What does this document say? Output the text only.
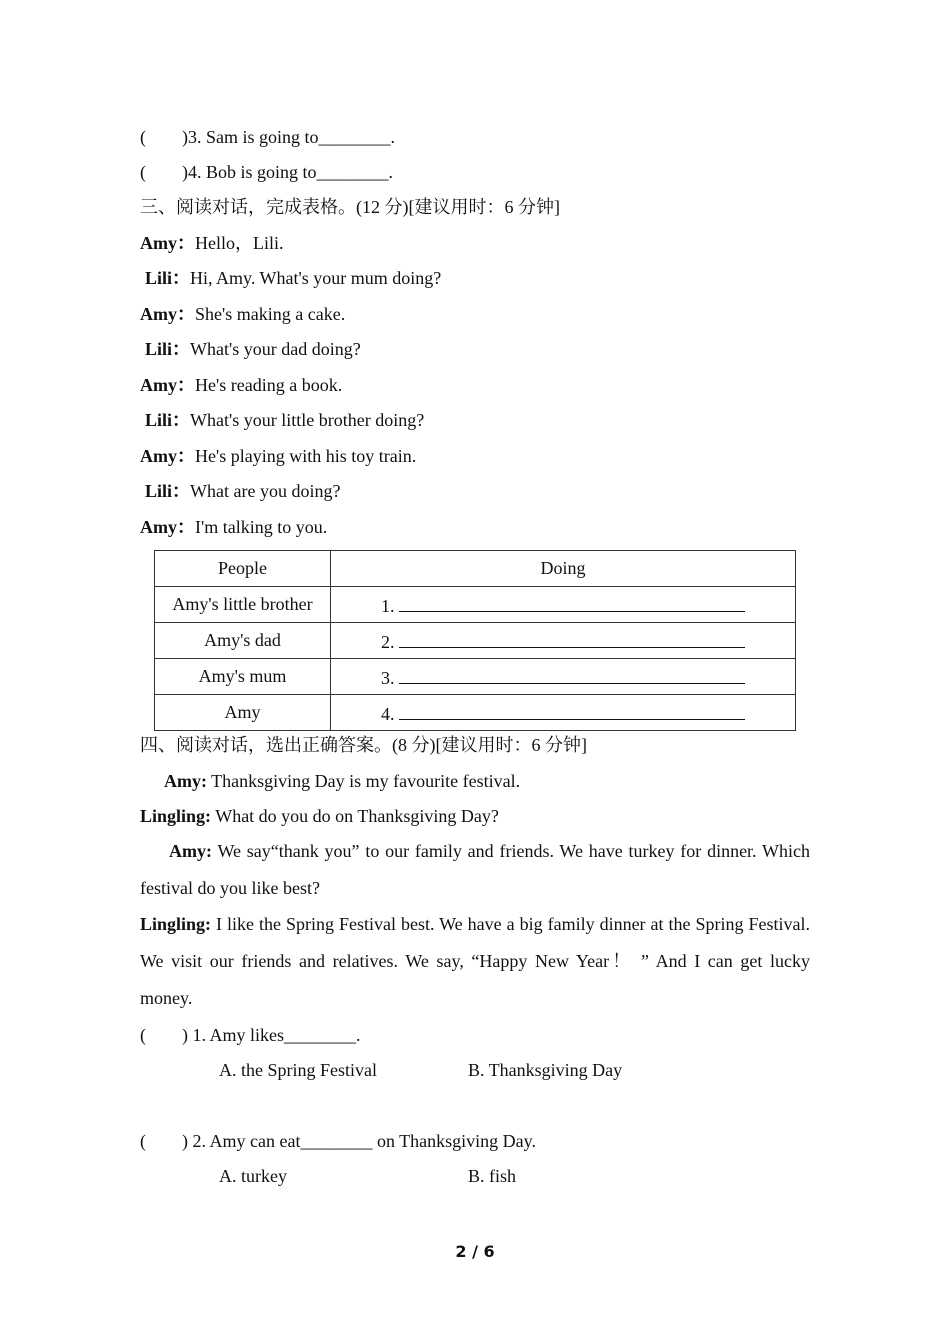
(        )3. Sam is going to________.
(        )4. Bob is going to________.
三、阅读对话，完成表格。(12 分)[建议用时：6 分钟]
Amy：Hello，Lili.
Lili：Hi, Amy. What's your mum doing?
Amy：She's making a cake.
Lili：What's your dad doing?
Amy：He's reading a book.
Lili：What's your little brother doing?
Amy：He's playing with his toy train.
Lili：What are you doing?
Amy：I'm talking to you.
People	Doing
Amy's little brother	1.
Amy's dad	2.
Amy's mum	3.
Amy	4.
四、阅读对话，选出正确答案。(8 分)[建议用时：6 分钟]
Amy: Thanksgiving Day is my favourite festival.
Lingling: What do you do on Thanksgiving Day?
Amy: We say“thank you” to our family and friends. We have turkey for dinner. Which festival do you like best?
Lingling: I like the Spring Festival best. We have a big family dinner at the Spring Festival. We visit our friends and relatives. We say, “Happy New Year！ ” And I can get lucky money.
(        ) 1. Amy likes________.
A. the Spring Festival	B. Thanksgiving Day
(        ) 2. Amy can eat________ on Thanksgiving Day.
A. turkey	B. fish
2 / 6
